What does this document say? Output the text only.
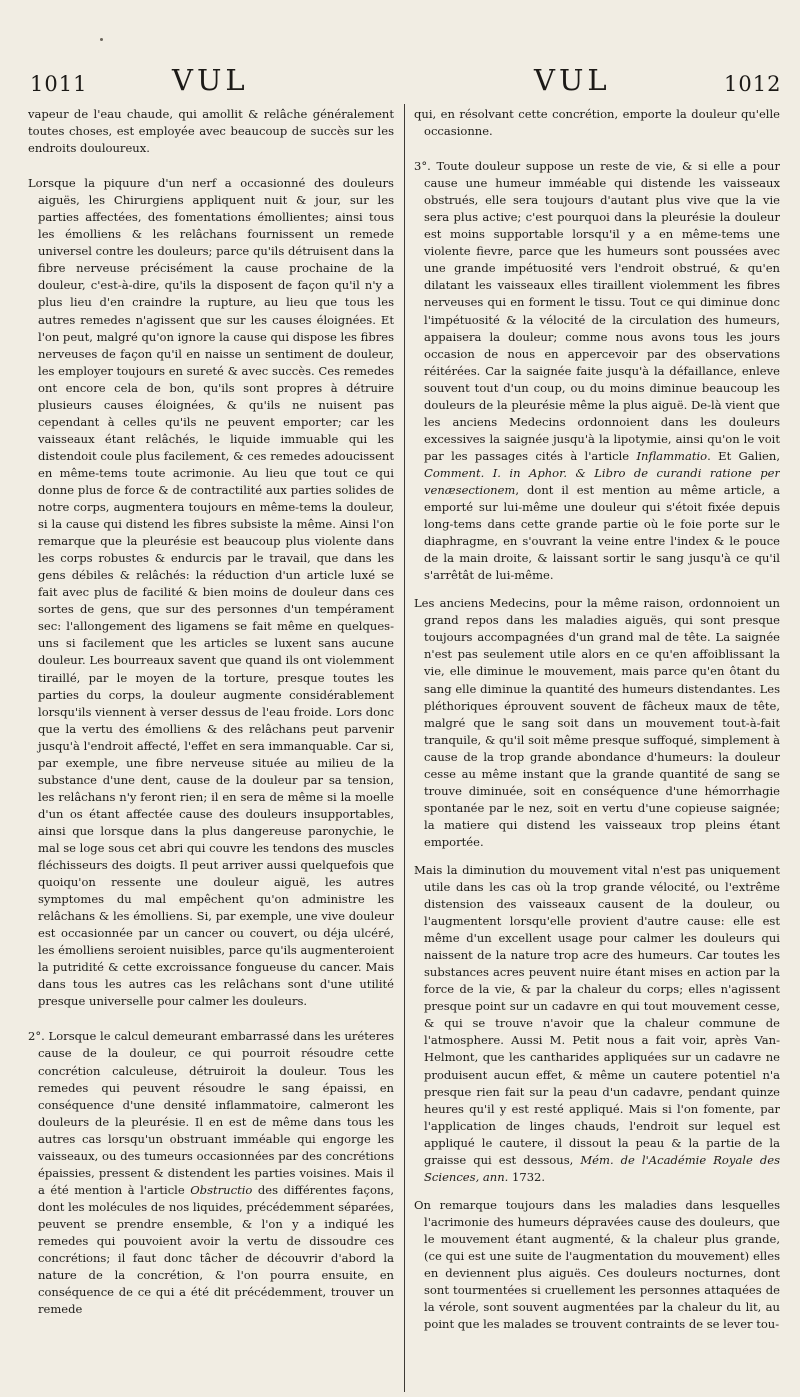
1011	VUL	VUL	1012

vapeur de l'eau chaude, qui amollit & relâche généralement toutes choses, est employée avec beaucoup de succès sur les endroits douloureux.

Lorsque la piquure d'un nerf a occasionné des douleurs aiguës, les Chirurgiens appliquent nuit & jour, sur les parties affectées, des fomentations émollientes; ainsi tous les émolliens & les relâchans fournissent un remede universel contre les douleurs; parce qu'ils détruisent dans la fibre nerveuse précisément la cause prochaine de la douleur, c'est-à-dire, qu'ils la disposent de façon qu'il n'y a plus lieu d'en craindre la rupture, au lieu que tous les autres remedes n'agissent que sur les causes éloignées. Et l'on peut, malgré qu'on ignore la cause qui dispose les fibres nerveuses de façon qu'il en naisse un sentiment de douleur, les employer toujours en sureté & avec succès. Ces remedes ont encore cela de bon, qu'ils sont propres à détruire plusieurs causes éloignées, & qu'ils ne nuisent pas cependant à celles qu'ils ne peuvent emporter; car les vaisseaux étant relâchés, le liquide immuable qui les distendoit coule plus facilement, & ces remedes adoucissent en même-tems toute acrimonie. Au lieu que tout ce qui donne plus de force & de contractilité aux parties solides de notre corps, augmentera toujours en même-tems la douleur, si la cause qui distend les fibres subsiste la même. Ainsi l'on remarque que la pleurésie est beaucoup plus violente dans les corps robustes & endurcis par le travail, que dans les gens débiles & relâchés: la réduction d'un article luxé se fait avec plus de facilité & bien moins de douleur dans ces sortes de gens, que sur des personnes d'un tempérament sec: l'allongement des ligamens se fait même en quelques-uns si facilement que les articles se luxent sans aucune douleur. Les bourreaux savent que quand ils ont violemment tiraillé, par le moyen de la torture, presque toutes les parties du corps, la douleur augmente considérablement lorsqu'ils viennent à verser dessus de l'eau froide. Lors donc que la vertu des émolliens & des relâchans peut parvenir jusqu'à l'endroit affecté, l'effet en sera immanquable. Car si, par exemple, une fibre nerveuse située au milieu de la substance d'une dent, cause de la douleur par sa tension, les relâchans n'y feront rien; il en sera de même si la moelle d'un os étant affectée cause des douleurs insupportables, ainsi que lorsque dans la plus dangereuse paronychie, le mal se loge sous cet abri qui couvre les tendons des muscles fléchisseurs des doigts. Il peut arriver aussi quelquefois que quoiqu'on ressente une douleur aiguë, les autres symptomes du mal empêchent qu'on administre les relâchans & les émolliens. Si, par exemple, une vive douleur est occasionnée par un cancer ou couvert, ou déja ulcéré, les émolliens seroient nuisibles, parce qu'ils augmenteroient la putridité & cette excroissance fongueuse du cancer. Mais dans tous les autres cas les relâchans sont d'une utilité presque universelle pour calmer les douleurs.

2°. Lorsque le calcul demeurant embarrassé dans les uréteres cause de la douleur, ce qui pourroit résoudre cette concrétion calculeuse, détruiroit la douleur. Tous les remedes qui peuvent résoudre le sang épaissi, en conséquence d'une densité inflammatoire, calmeront les douleurs de la pleurésie. Il en est de même dans tous les autres cas lorsqu'un obstruant imméable qui engorge les vaisseaux, ou des tumeurs occasionnées par des concrétions épaissies, pressent & distendent les parties voisines. Mais il a été mention à l'article Obstructio des différentes façons, dont les molécules de nos liquides, précédemment séparées, peuvent se prendre ensemble, & l'on y a indiqué les remedes qui pouvoient avoir la vertu de dissoudre ces concrétions; il faut donc tâcher de découvrir d'abord la nature de la concrétion, & l'on pourra ensuite, en conséquence de ce qui a été dit précédemment, trouver un remede

qui, en résolvant cette concrétion, emporte la douleur qu'elle occasionne.

3°. Toute douleur suppose un reste de vie, & si elle a pour cause une humeur imméable qui distende les vaisseaux obstrués, elle sera toujours d'autant plus vive que la vie sera plus active; c'est pourquoi dans la pleurésie la douleur est moins supportable lorsqu'il y a en même-tems une violente fievre, parce que les humeurs sont poussées avec une grande impétuosité vers l'endroit obstrué, & qu'en dilatant les vaisseaux elles tiraillent violemment les fibres nerveuses qui en forment le tissu. Tout ce qui diminue donc l'impétuosité & la vélocité de la circulation des humeurs, appaisera la douleur; comme nous avons tous les jours occasion de nous en appercevoir par des observations réitérées. Car la saignée faite jusqu'à la défaillance, enleve souvent tout d'un coup, ou du moins diminue beaucoup les douleurs de la pleurésie même la plus aiguë. De-là vient que les anciens Medecins ordonnoient dans les douleurs excessives la saignée jusqu'à la lipotymie, ainsi qu'on le voit par les passages cités à l'article Inflammatio. Et Galien, Comment. I. in Aphor. & Libro de curandi ratione per venæsectionem, dont il est mention au même article, a emporté sur lui-même une douleur qui s'étoit fixée depuis long-tems dans cette grande partie où le foie porte sur le diaphragme, en s'ouvrant la veine entre l'index & le pouce de la main droite, & laissant sortir le sang jusqu'à ce qu'il s'arrêtât de lui-même.

Les anciens Medecins, pour la même raison, ordonnoient un grand repos dans les maladies aiguës, qui sont presque toujours accompagnées d'un grand mal de tête. La saignée n'est pas seulement utile alors en ce qu'en affoiblissant la vie, elle diminue le mouvement, mais parce qu'en ôtant du sang elle diminue la quantité des humeurs distendantes. Les pléthoriques éprouvent souvent de fâcheux maux de tête, malgré que le sang soit dans un mouvement tout-à-fait tranquile, & qu'il soit même presque suffoqué, simplement à cause de la trop grande abondance d'humeurs: la douleur cesse au même instant que la grande quantité de sang se trouve diminuée, soit en conséquence d'une hémorrhagie spontanée par le nez, soit en vertu d'une copieuse saignée; la matiere qui distend les vaisseaux trop pleins étant emportée.

Mais la diminution du mouvement vital n'est pas uniquement utile dans les cas où la trop grande vélocité, ou l'extrême distension des vaisseaux causent de la douleur, ou l'augmentent lorsqu'elle provient d'autre cause: elle est même d'un excellent usage pour calmer les douleurs qui naissent de la nature trop acre des humeurs. Car toutes les substances acres peuvent nuire étant mises en action par la force de la vie, & par la chaleur du corps; elles n'agissent presque point sur un cadavre en qui tout mouvement cesse, & qui se trouve n'avoir que la chaleur commune de l'atmosphere. Aussi M. Petit nous a fait voir, après Van-Helmont, que les cantharides appliquées sur un cadavre ne produisent aucun effet, & même un cautere potentiel n'a presque rien fait sur la peau d'un cadavre, pendant quinze heures qu'il y est resté appliqué. Mais si l'on fomente, par l'application de linges chauds, l'endroit sur lequel est appliqué le cautere, il dissout la peau & la partie de la graisse qui est dessous, Mém. de l'Académie Royale des Sciences, ann. 1732.

On remarque toujours dans les maladies dans lesquelles l'acrimonie des humeurs dépravées cause des douleurs, que le mouvement étant augmenté, & la chaleur plus grande, (ce qui est une suite de l'augmentation du mouvement) elles en deviennent plus aiguës. Ces douleurs nocturnes, dont sont tourmentées si cruellement les personnes attaquées de la vérole, sont souvent augmentées par la chaleur du lit, au point que les malades se trouvent contraints de se lever tou-
